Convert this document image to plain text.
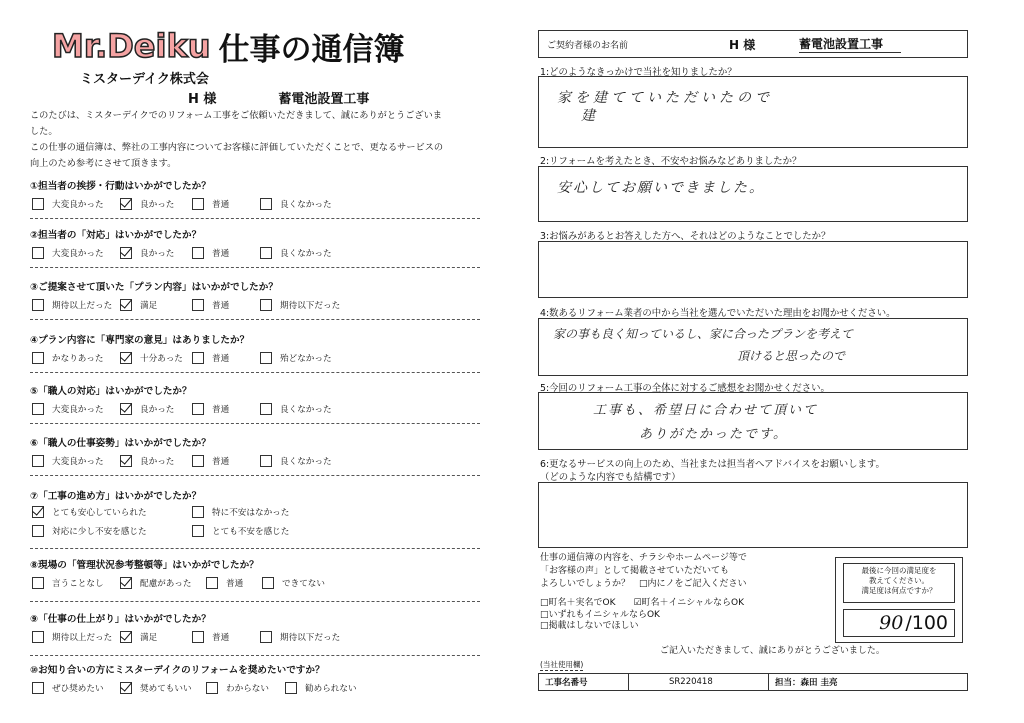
Mr.Deiku 仕事の通信簿
ミスターデイク株式会
H 様	蓄電池設置工事
このたびは、ミスターデイクでのリフォーム工事をご依頼いただきまして、誠にありがとうございました。
この仕事の通信簿は、弊社の工事内容についてお客様に評価していただくことで、更なるサービスの
向上のため参考にさせて頂きます。
①担当者の挨拶・行動はいかがでしたか？
大変良かった	良かった	普通	良くなかった
②担当者の「対応」はいかがでしたか？
大変良かった	良かった	普通	良くなかった
③ご提案させて頂いた「プラン内容」はいかがでしたか？
期待以上だった	満足	普通	期待以下だった
④プラン内容に「専門家の意見」はありましたか？
かなりあった	十分あった	普通	殆どなかった
⑤「職人の対応」はいかがでしたか？
大変良かった	良かった	普通	良くなかった
⑥「職人の仕事姿勢」はいかがでしたか？
大変良かった	良かった	普通	良くなかった
⑦「工事の進め方」はいかがでしたか？
とても安心していられた	特に不安はなかった
対応に少し不安を感じた	とても不安を感じた
⑧現場の「管理状況参考整頓等」はいかがでしたか？
言うことなし	配慮があった	普通	できてない
⑨「仕事の仕上がり」はいかがでしたか？
期待以上だった	満足	普通	期待以下だった
⑩お知り合いの方にミスターデイクのリフォームを奨めたいですか？
ぜひ奨めたい	奨めてもいい	わからない	勧められない
ご契約者様のお名前	H 様	蓄電池設置工事
1:どのようなきっかけで当社を知りましたか？
家を建てていただいたので
建
2:リフォームを考えたとき、不安やお悩みなどありましたか？
安心してお願いできました。
3:お悩みがあるとお答えした方へ、それはどのようなことでしたか？
4:数あるリフォーム業者の中から当社を選んでいただいた理由をお聞かせください。
家の事も良く知っているし、家に合ったプランを考えて
頂けると思ったので
5:今回のリフォーム工事の全体に対するご感想をお聞かせください。
工事も、希望日に合わせて頂いて
ありがたかったです。
6:更なるサービスの向上のため、当社または担当者へアドバイスをお願いします。
（どのような内容でも結構です）
仕事の通信簿の内容を、チラシやホームページ等で
「お客様の声」として掲載させていただいても
よろしいでしょうか？　□内にノをご記入ください
□町名＋実名でOK　　☑町名＋イニシャルならOK
□いずれもイニシャルならOK
□掲載はしないでほしい
最後に今回の満足度を
教えてください。
満足度は何点ですか？
90 /100
ご記入いただきまして、誠にありがとうございました。
(当社使用欄)
工事名番号	SR220418	担当：森田 圭亮
